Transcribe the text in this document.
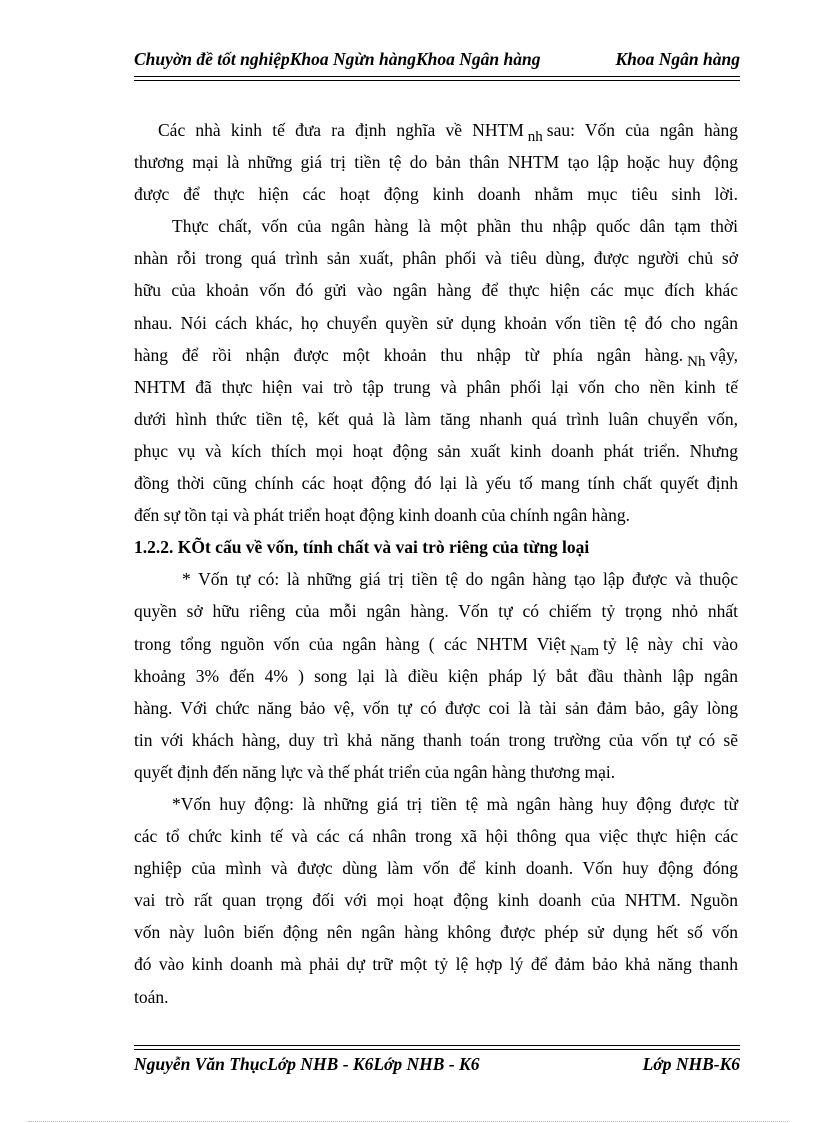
Chuyờn đề tốt nghiệpKhoa Ngừn hàngKhoa Ngân hàng	Khoa Ngân hàng
Các nhà kinh tế đưa ra định nghĩa về NHTM nh sau: Vốn của ngân hàng
thương mại là những giá trị tiền tệ do bản thân NHTM tạo lập hoặc huy động
được để thực hiện các hoạt động kinh doanh nhằm mục tiêu sinh lời.
Thực chất, vốn của ngân hàng là một phần thu nhập quốc dân tạm thời
nhàn rỗi trong quá trình sản xuất, phân phối và tiêu dùng, được người chủ sở
hữu của khoản vốn đó gửi vào ngân hàng để thực hiện các mục đích khác
nhau. Nói cách khác, họ chuyển quyền sử dụng khoản vốn tiền tệ đó cho ngân
hàng để rồi nhận được một khoản thu nhập từ phía ngân hàng. Nh vậy,
NHTM đã thực hiện vai trò tập trung và phân phối lại vốn cho nền kinh tế
dưới hình thức tiền tệ, kết quả là làm tăng nhanh quá trình luân chuyển vốn,
phục vụ và kích thích mọi hoạt động sản xuất kinh doanh phát triển. Nhưng
đồng thời cũng chính các hoạt động đó lại là yếu tố mang tính chất quyết định
đến sự tồn tại và phát triển hoạt động kinh doanh của chính ngân hàng.
1.2.2. KÕt cấu về vốn, tính chất và vai trò riêng của từng loại
* Vốn tự có: là những giá trị tiền tệ do ngân hàng tạo lập được và thuộc
quyền sở hữu riêng của mỗi ngân hàng. Vốn tự có chiếm tỷ trọng nhỏ nhất
trong tổng nguồn vốn của ngân hàng ( các NHTM Việt Nam tỷ lệ này chỉ vào
khoảng 3% đến 4% ) song lại là điều kiện pháp lý bắt đầu thành lập ngân
hàng. Với chức năng bảo vệ, vốn tự có được coi là tài sản đảm bảo, gây lòng
tin với khách hàng, duy trì khả năng thanh toán trong trường của vốn tự có sẽ
quyết định đến năng lực và thế phát triển của ngân hàng thương mại.
*Vốn huy động: là những giá trị tiền tệ mà ngân hàng huy động được từ
các tổ chức kinh tế và các cá nhân trong xã hội thông qua việc thực hiện các
nghiệp của mình và được dùng làm vốn để kinh doanh. Vốn huy động đóng
vai trò rất quan trọng đối với mọi hoạt động kinh doanh của NHTM. Nguồn
vốn này luôn biến động nên ngân hàng không được phép sử dụng hết số vốn
đó vào kinh doanh mà phải dự trữ một tỷ lệ hợp lý để đảm bảo khả năng thanh
toán.
Nguyễn Văn ThụcLớp NHB - K6Lớp NHB - K6	Lớp NHB-K6
